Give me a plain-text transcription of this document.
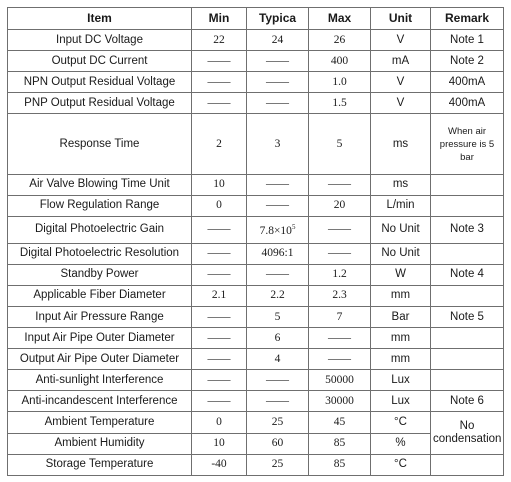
Item	Min	Typica	Max	Unit	Remark
Input DC Voltage	22	24	26	V	Note 1
Output DC Current	——	——	400	mA	Note 2
NPN Output Residual Voltage	——	——	1.0	V	400mA
PNP Output Residual Voltage	——	——	1.5	V	400mA
Response Time	2	3	5	ms	When air pressure is 5 bar
Air Valve Blowing Time Unit	10	——	——	ms	
Flow Regulation Range	0	——	20	L/min	
Digital Photoelectric Gain	——	$7.8\times 10^5$	——	No Unit	Note 3
Digital Photoelectric Resolution	——	4096:1	——	No Unit	
Standby Power	——	——	1.2	W	Note 4
Applicable Fiber Diameter	2.1	2.2	2.3	mm	
Input Air Pressure Range	——	5	7	Bar	Note 5
Input Air Pipe Outer Diameter	——	6	——	mm	
Output Air Pipe Outer Diameter	——	4	——	mm	
Anti-sunlight Interference	——	——	50000	Lux	
Anti-incandescent Interference	——	——	30000	Lux	Note 6
Ambient Temperature	0	25	45	°C	No condensation
Ambient Humidity	10	60	85	%	
Storage Temperature	-40	25	85	°C	
